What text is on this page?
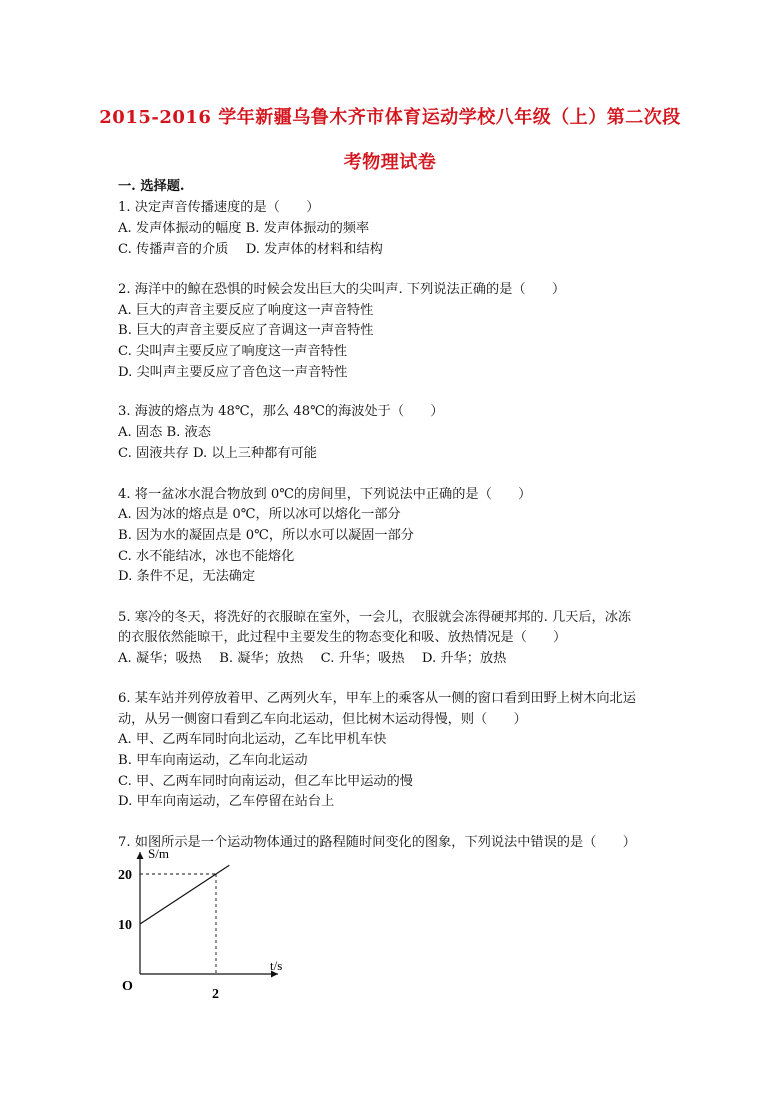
2015-2016 学年新疆乌鲁木齐市体育运动学校八年级（上）第二次段
考物理试卷
一. 选择题.
1. 决定声音传播速度的是（　　）
A. 发声体振动的幅度 B. 发声体振动的频率
C. 传播声音的介质　 D. 发声体的材料和结构
2. 海洋中的鲸在恐惧的时候会发出巨大的尖叫声. 下列说法正确的是（　　）
A. 巨大的声音主要反应了响度这一声音特性
B. 巨大的声音主要反应了音调这一声音特性
C. 尖叫声主要反应了响度这一声音特性
D. 尖叫声主要反应了音色这一声音特性
3. 海波的熔点为 48℃，那么 48℃的海波处于（　　）
A. 固态 B. 液态
C. 固液共存 D. 以上三种都有可能
4. 将一盆冰水混合物放到 0℃的房间里，下列说法中正确的是（　　）
A. 因为冰的熔点是 0℃，所以冰可以熔化一部分
B. 因为水的凝固点是 0℃，所以水可以凝固一部分
C. 水不能结冰，冰也不能熔化
D. 条件不足，无法确定
5. 寒冷的冬天，将洗好的衣服晾在室外，一会儿，衣服就会冻得硬邦邦的. 几天后，冰冻
的衣服依然能晾干，此过程中主要发生的物态变化和吸、放热情况是（　　）
A. 凝华；吸热　 B. 凝华；放热　 C. 升华；吸热　 D. 升华；放热
6. 某车站并列停放着甲、乙两列火车，甲车上的乘客从一侧的窗口看到田野上树木向北运
动，从另一侧窗口看到乙车向北运动，但比树木运动得慢，则（　　）
A. 甲、乙两车同时向北运动，乙车比甲机车快
B. 甲车向南运动，乙车向北运动
C. 甲、乙两车同时向南运动，但乙车比甲运动的慢
D. 甲车向南运动，乙车停留在站台上
7. 如图所示是一个运动物体通过的路程随时间变化的图象，下列说法中错误的是（　　）
S/m
t/s
O
20
10
2
